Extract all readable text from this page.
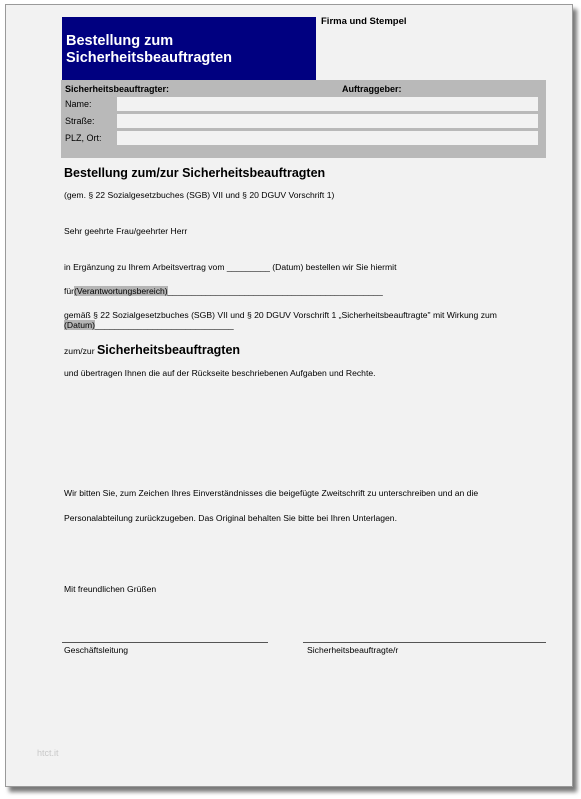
Bestellung zum
Sicherheitsbeauftragten
Firma und Stempel
Sicherheitsbeauftragter:	Auftraggeber:
Name:
Straße:
PLZ, Ort:
Bestellung zum/zur Sicherheitsbeauftragten
(gem. § 22 Sozialgesetzbuches (SGB) VII und § 20 DGUV Vorschrift 1)
Sehr geehrte Frau/geehrter Herr
in Ergänzung zu Ihrem Arbeitsvertrag vom _________ (Datum) bestellen wir Sie hiermit
für(Verantwortungsbereich)_____________________________________________
gemäß § 22 Sozialgesetzbuches (SGB) VII und § 20 DGUV Vorschrift 1 „Sicherheitsbeauftragte" mit Wirkung zum
(Datum)_____________________________
zum/zur Sicherheitsbeauftragten
und übertragen Ihnen die auf der Rückseite beschriebenen Aufgaben und Rechte.
Wir bitten Sie, zum Zeichen Ihres Einverständnisses die beigefügte Zweitschrift zu unterschreiben und an die
Personalabteilung zurückzugeben. Das Original behalten Sie bitte bei Ihren Unterlagen.
Mit freundlichen Grüßen
Geschäftsleitung	Sicherheitsbeauftragte/r
htct.it
